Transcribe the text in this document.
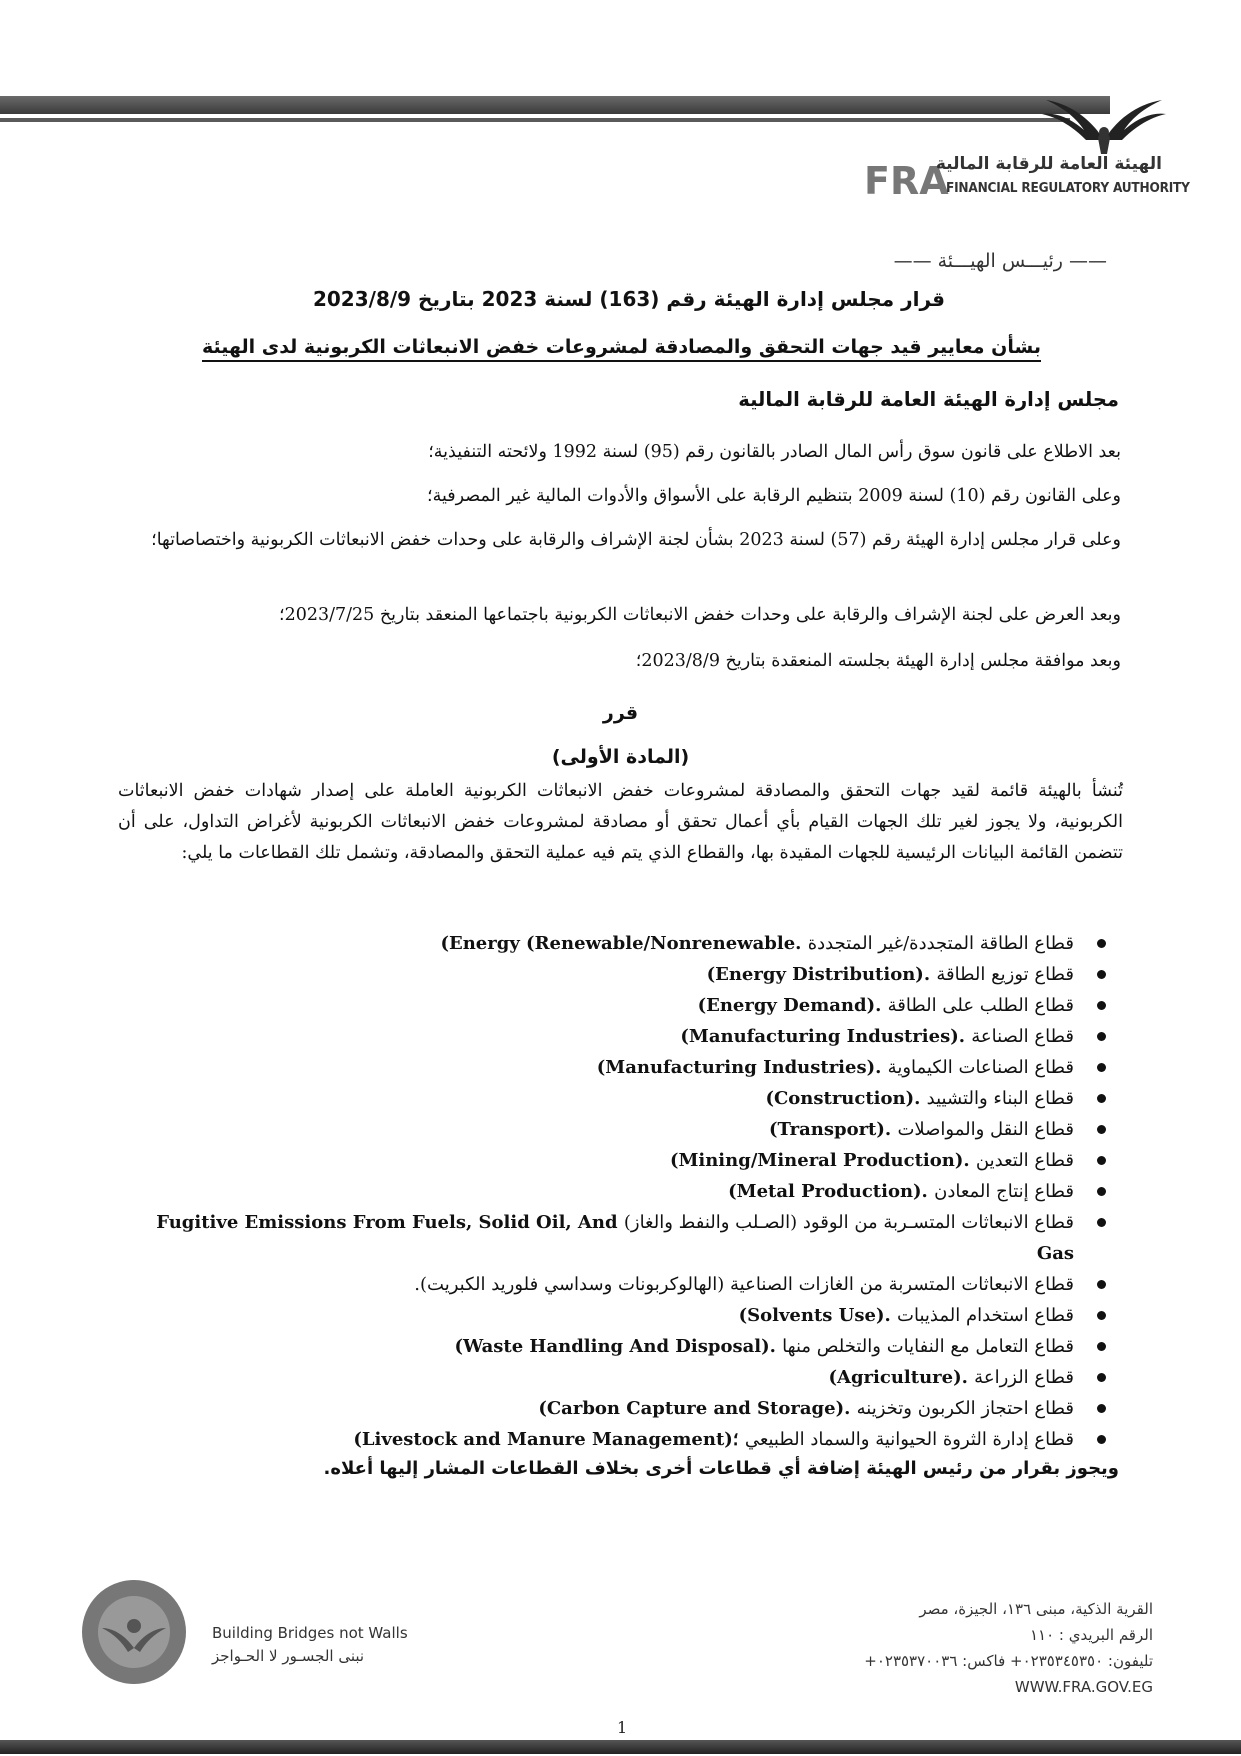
FRA
الهيئة العامة للرقابة المالية
FINANCIAL REGULATORY AUTHORITY
—— رئيـــس الهيـــئة ——
قرار مجلس إدارة الهيئة رقم (163) لسنة 2023 بتاريخ 2023/8/9
بشأن معايير قيد جهات التحقق والمصادقة لمشروعات خفض الانبعاثات الكربونية لدى الهيئة
مجلس إدارة الهيئة العامة للرقابة المالية
بعد الاطلاع على قانون سوق رأس المال الصادر بالقانون رقم (95) لسنة 1992 ولائحته التنفيذية؛
وعلى القانون رقم (10) لسنة 2009 بتنظيم الرقابة على الأسواق والأدوات المالية غير المصرفية؛
وعلى قرار مجلس إدارة الهيئة رقم (57) لسنة 2023 بشأن لجنة الإشراف والرقابة على وحدات خفض الانبعاثات الكربونية واختصاصاتها؛
وبعد العرض على لجنة الإشراف والرقابة على وحدات خفض الانبعاثات الكربونية باجتماعها المنعقد بتاريخ 2023/7/25؛
وبعد موافقة مجلس إدارة الهيئة بجلسته المنعقدة بتاريخ 2023/8/9؛
قرر
(المادة الأولى)
تُنشأ بالهيئة قائمة لقيد جهات التحقق والمصادقة لمشروعات خفض الانبعاثات الكربونية العاملة على إصدار شهادات خفض الانبعاثات الكربونية، ولا يجوز لغير تلك الجهات القيام بأي أعمال تحقق أو مصادقة لمشروعات خفض الانبعاثات الكربونية لأغراض التداول، على أن تتضمن القائمة البيانات الرئيسية للجهات المقيدة بها، والقطاع الذي يتم فيه عملية التحقق والمصادقة، وتشمل تلك القطاعات ما يلي:
قطاع الطاقة المتجددة/غير المتجددة (Energy (Renewable/Nonrenewable.
قطاع توزيع الطاقة (Energy Distribution).
قطاع الطلب على الطاقة (Energy Demand).
قطاع الصناعة (Manufacturing Industries).
قطاع الصناعات الكيماوية (Manufacturing Industries).
قطاع البناء والتشييد (Construction).
قطاع النقل والمواصلات (Transport).
قطاع التعدين (Mining/Mineral Production).
قطاع إنتاج المعادن (Metal Production).
قطاع الانبعاثات المتسـربة من الوقود (الصـلب والنفط والغاز) Fugitive Emissions From Fuels, Solid Oil, And Gas
قطاع الانبعاثات المتسربة من الغازات الصناعية (الهالوكربونات وسداسي فلوريد الكبريت).
قطاع استخدام المذيبات (Solvents Use).
قطاع التعامل مع النفايات والتخلص منها (Waste Handling And Disposal).
قطاع الزراعة (Agriculture).
قطاع احتجاز الكربون وتخزينه (Carbon Capture and Storage).
قطاع إدارة الثروة الحيوانية والسماد الطبيعي (Livestock and Manure Management)؛
ويجوز بقرار من رئيس الهيئة إضافة أي قطاعات أخرى بخلاف القطاعات المشار إليها أعلاه.
Building Bridges not Walls
نبنى الجسـور لا الحـواجز
القرية الذكية، مبنى ١٣٦، الجيزة، مصر
الرقم البريدي : ١١٠
تليفون: ٠٢٣٥٣٤٥٣٥٠+ فاكس: ٠٢٣٥٣٧٠٠٣٦+
WWW.FRA.GOV.EG
1
